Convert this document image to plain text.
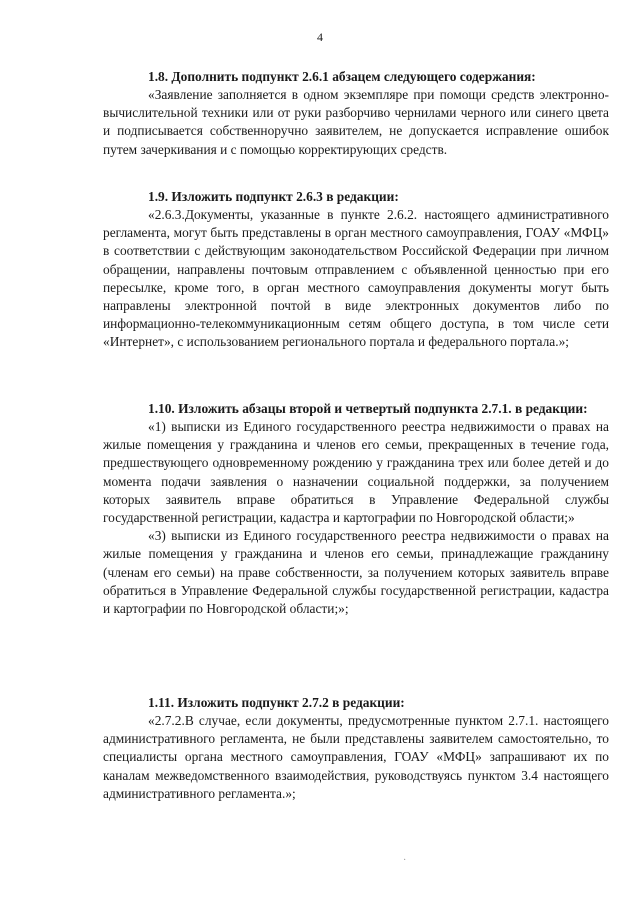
4
1.8. Дополнить подпункт 2.6.1 абзацем следующего содержания:
«Заявление заполняется в одном экземпляре при помощи средств электронно-вычислительной техники или от руки разборчиво чернилами черного или синего цвета и подписывается собственноручно заявителем, не допускается исправление ошибок путем зачеркивания и с помощью корректирующих средств.
1.9. Изложить подпункт 2.6.3 в редакции:
«2.6.3.Документы, указанные в пункте 2.6.2. настоящего административного регламента, могут быть представлены в орган местного самоуправления, ГОАУ «МФЦ» в соответствии с действующим законодательством Российской Федерации при личном обращении, направлены почтовым отправлением с объявленной ценностью при его пересылке, кроме того, в орган местного самоуправления документы могут быть направлены электронной почтой в виде электронных документов либо по информационно-телекоммуникационным сетям общего доступа, в том числе сети «Интернет», с использованием регионального портала и федерального портала.»;
1.10. Изложить абзацы второй и четвертый подпункта 2.7.1. в редакции:
«1) выписки из Единого государственного реестра недвижимости о правах на жилые помещения у гражданина и членов его семьи, прекращенных в течение года, предшествующего одновременному рождению у гражданина трех или более детей и до момента подачи заявления о назначении социальной поддержки, за получением которых заявитель вправе обратиться в Управление Федеральной службы государственной регистрации, кадастра и картографии по Новгородской области;»
«3) выписки из Единого государственного реестра недвижимости о правах на жилые помещения у гражданина и членов его семьи, принадлежащие гражданину (членам его семьи) на праве собственности, за получением которых заявитель вправе обратиться в Управление Федеральной службы государственной регистрации, кадастра и картографии по Новгородской области;»;
1.11. Изложить подпункт 2.7.2 в редакции:
«2.7.2.В случае, если документы, предусмотренные пунктом 2.7.1. настоящего административного регламента, не были представлены заявителем самостоятельно, то специалисты органа местного самоуправления, ГОАУ «МФЦ» запрашивают их по каналам межведомственного взаимодействия, руководствуясь пунктом 3.4 настоящего административного регламента.»;
·
